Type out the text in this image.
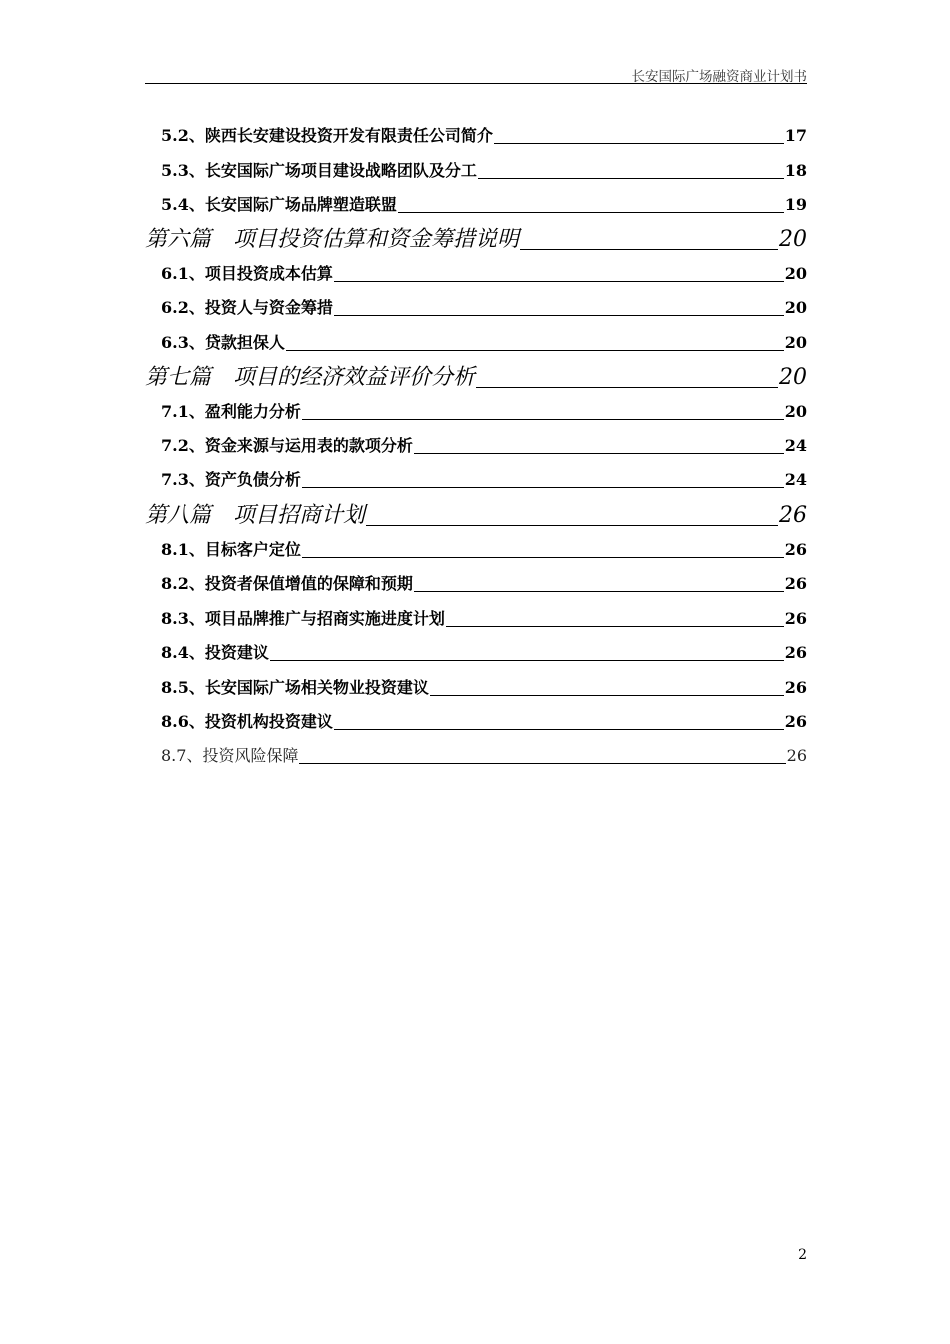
长安国际广场融资商业计划书
5.2、陕西长安建设投资开发有限责任公司简介	17
5.3、长安国际广场项目建设战略团队及分工	18
5.4、长安国际广场品牌塑造联盟	19
第六篇　项目投资估算和资金筹措说明	20
6.1、项目投资成本估算	20
6.2、投资人与资金筹措	20
6.3、贷款担保人	20
第七篇　项目的经济效益评价分析	20
7.1、盈利能力分析	20
7.2、资金来源与运用表的款项分析	24
7.3、资产负债分析	24
第八篇　项目招商计划	26
8.1、目标客户定位	26
8.2、投资者保值增值的保障和预期	26
8.3、项目品牌推广与招商实施进度计划	26
8.4、投资建议	26
8.5、长安国际广场相关物业投资建议	26
8.6、投资机构投资建议	26
8.7、投资风险保障	26
2
